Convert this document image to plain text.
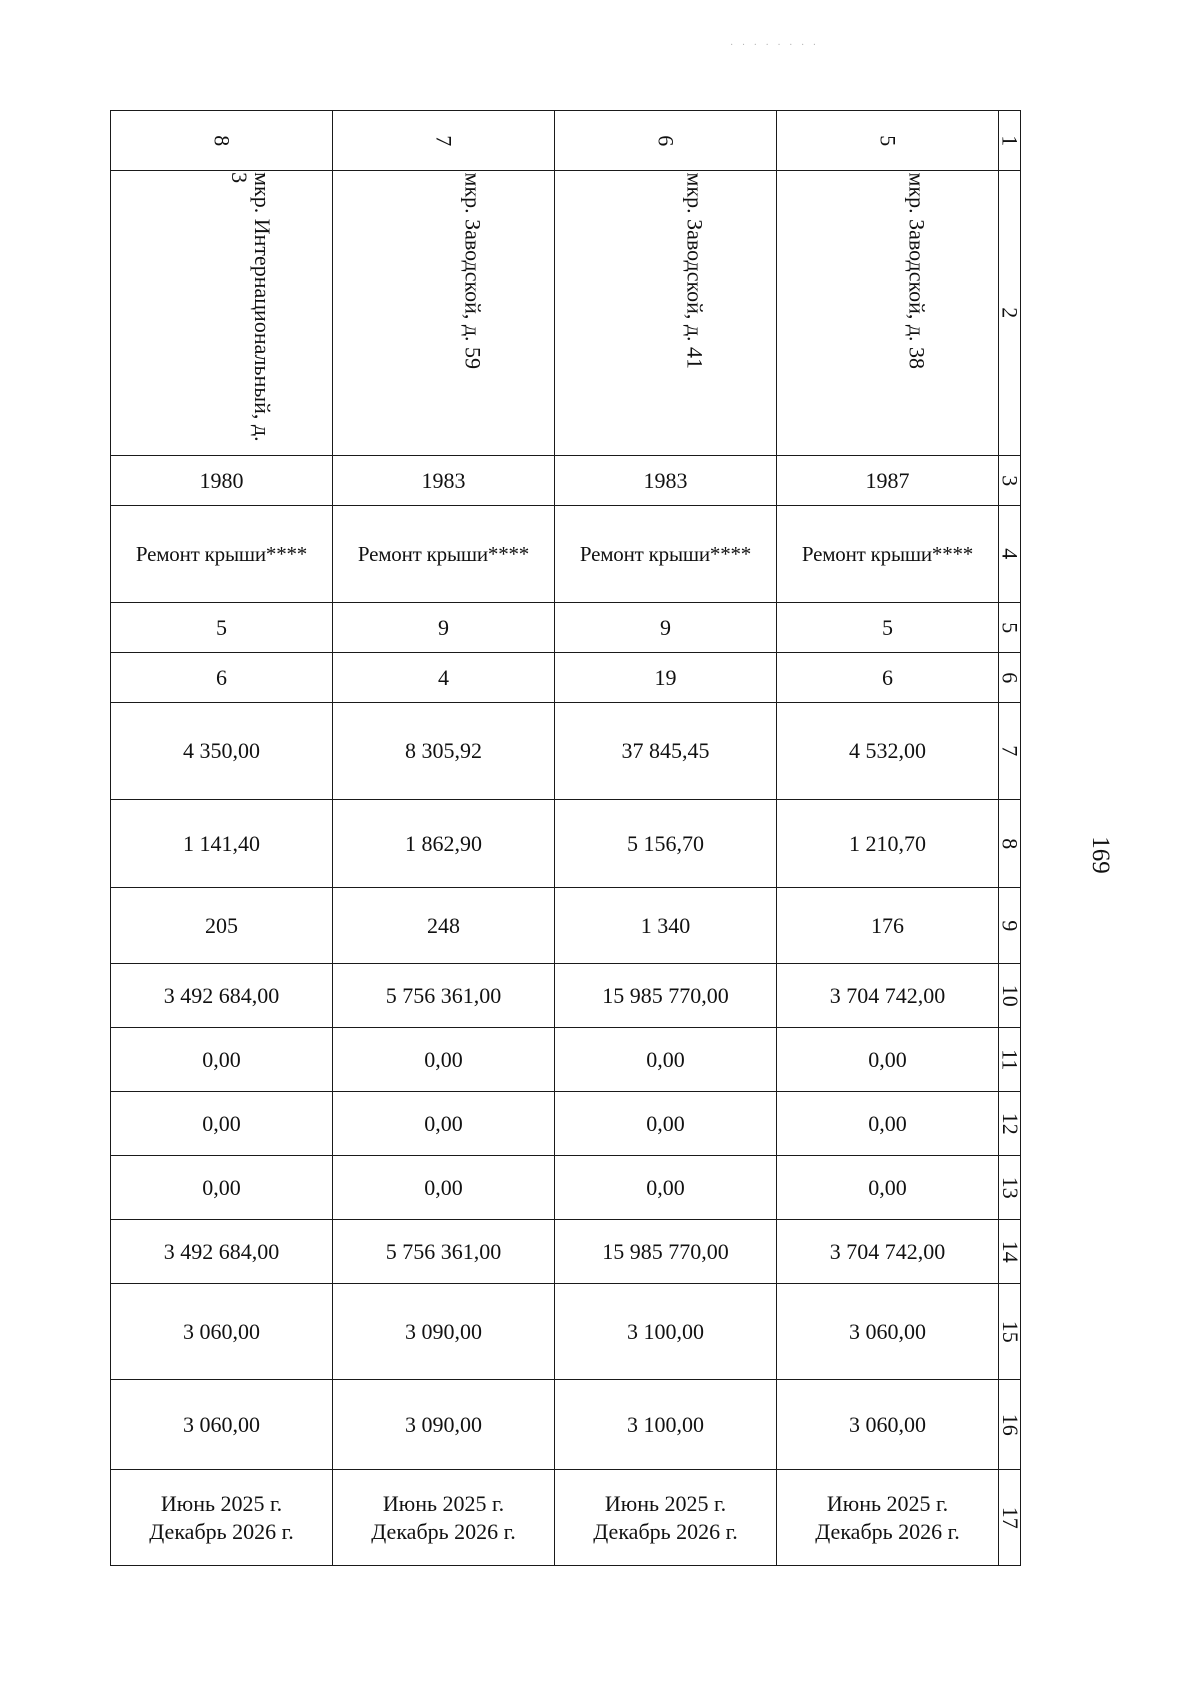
· · · · · · · ·
169
8	7	6	5	1
мкр. Интернациональный, д. 3	мкр. Заводской, д. 59	мкр. Заводской, д. 41	мкр. Заводской, д. 38	2
1980	1983	1983	1987	3
Ремонт крыши****	Ремонт крыши****	Ремонт крыши****	Ремонт крыши****	4
5	9	9	5	5
6	4	19	6	6
4 350,00	8 305,92	37 845,45	4 532,00	7
1 141,40	1 862,90	5 156,70	1 210,70	8
205	248	1 340	176	9
3 492 684,00	5 756 361,00	15 985 770,00	3 704 742,00	10
0,00	0,00	0,00	0,00	11
0,00	0,00	0,00	0,00	12
0,00	0,00	0,00	0,00	13
3 492 684,00	5 756 361,00	15 985 770,00	3 704 742,00	14
3 060,00	3 090,00	3 100,00	3 060,00	15
3 060,00	3 090,00	3 100,00	3 060,00	16

Июнь 2025 г.
Декабрь 2026 г.	Июнь 2025 г.
Декабрь 2026 г.	Июнь 2025 г.
Декабрь 2026 г.	Июнь 2025 г.
Декабрь 2026 г.	17
